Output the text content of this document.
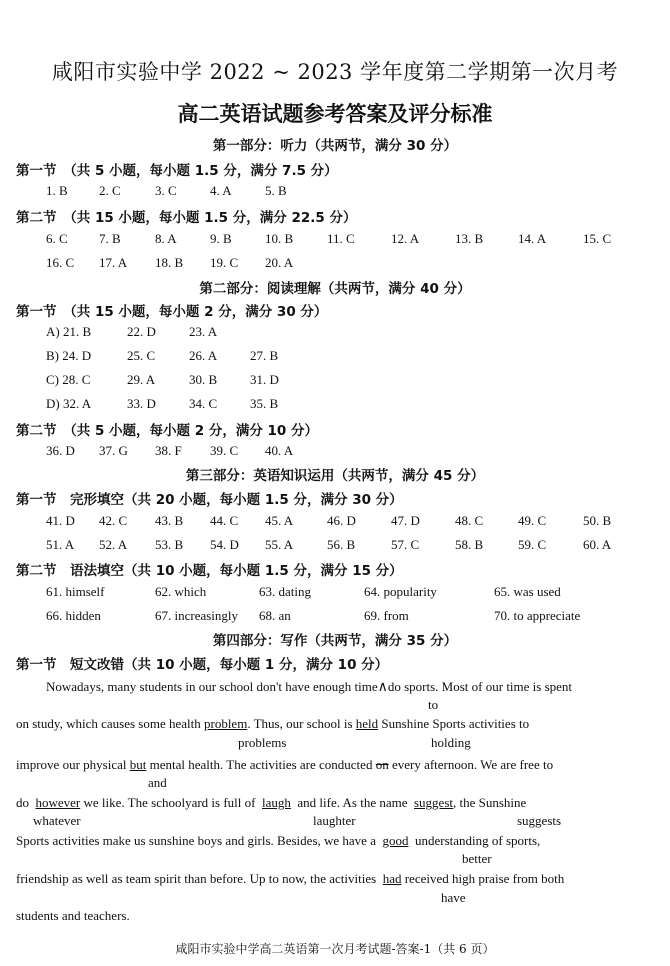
咸阳市实验中学 2022 ~ 2023 学年度第二学期第一次月考
高二英语试题参考答案及评分标准
第一部分：听力（共两节，满分 30 分）
第一节　（共 5 小题，每小题 1.5 分，满分 7.5 分）
1. B 2. C	3. C	4. A	5. B
第二节　（共 15 小题，每小题 1.5 分，满分 22.5 分）
6. C 7. B	8. A	9. B	10. B	11. C	12. A	13. B	14. A	15. C
16. C 17. A 18. B 19. C 20. A
第二部分：阅读理解（共两节，满分 40 分）
第一节　（共 15 小题，每小题 2 分，满分 30 分）
A) 21. B	22. D	23. A
B) 24. D	25. C	26. A	27. B
C) 28. C	29. A	30. B	31. D
D) 32. A	33. D	34. C	35. B
第二节　（共 5 小题，每小题 2 分，满分 10 分）
36. D 37. G 38. F 39. C 40. A
第三部分：英语知识运用（共两节，满分 45 分）
第一节　完形填空（共 20 小题，每小题 1.5 分，满分 30 分）
41. D 42. C 43. B 44. C 45. A	46. D	47. D	48. C	49. C	50. B
51. A 52. A 53. B 54. D 55. A	56. B	57. C	58. B	59. C	60. A
第二节　语法填空（共 10 小题，每小题 1.5 分，满分 15 分）
61. himself	62. which	63. dating	64. popularity	65. was used
66. hidden	67. increasingly 68. an	69. from	70. to appreciate
第四部分：写作（共两节，满分 35 分）
第一节　短文改错（共 10 小题，每小题 1 分，满分 10 分）
Nowadays, many students in our school don't have enough time∧do sports. Most of our time is spent
to
on study, which causes some health problem. Thus, our school is held Sunshine Sports activities to
problems	holding
improve our physical but mental health. The activities are conducted on every afternoon. We are free to
and
do however we like. The schoolyard is full of laugh and life. As the name suggest, the Sunshine
whatever	laughter	suggests
Sports activities make us sunshine boys and girls. Besides, we have a good understanding of sports,
better
friendship as well as team spirit than before. Up to now, the activities had received high praise from both
have
students and teachers.
咸阳市实验中学高二英语第一次月考试题-答案-1（共 6 页）
